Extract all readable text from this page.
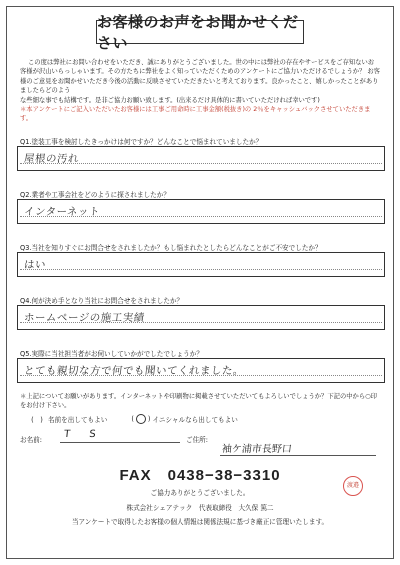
お客様のお声をお聞かせください
この度は弊社にお問い合わせをいただき、誠にありがとうございました。世の中には弊社の存在やサービスをご存知ないお
客様が沢山いらっしゃいます。その方たちに弊社をよく知っていただくためのアンケートにご協力いただけるでしょうか？ お客
様のご意見をお聞かせいただき今後の活動に反映させていただきたいと考えております。良かったこと、嬉しかったことがありましたらどのよう
な些細な事でも結構です。是非ご協力お願い致します。(出来るだけ具体的に書いていただければ幸いです)
＊本アンケートにご記入いただいたお客様には工事ご用命時に工事金額(税抜き)の 2％をキャッシュバックさせていただきます。
Q1.塗装工事を検討したきっかけは何ですか？どんなことで悩まれていましたか？
屋根の汚れ
Q2.業者や工事会社をどのように探されましたか？
インターネット
Q3.当社を知りすぐにお問合せをされましたか？もし悩まれたとしたらどんなことがご不安でしたか？
はい
Q4.何が決め手となり当社にお問合せをされましたか？
ホームページの施工実績
Q5.実際に当社担当者がお伺いしていかがでしたでしょうか？
とても親切な方で何でも聞いてくれました。
＊上記についてお願いがあります。インターネットや印刷物に掲載させていただいてもよろしいでしょうか？下記の中から○印
をお付け下さい。
(　) 名前を出してもよい	( ○ ) イニシャルなら出してもよい
お名前: T S	ご住所:
袖ケ浦市長野口
FAX　0438−38−3310
ご協力ありがとうございました。
株式会社シェアテック　代表取締役　大久保 篤二
当アンケートで取得したお客様の個人情報は関係法規に基づき厳正に管理いたします。
渡邉
